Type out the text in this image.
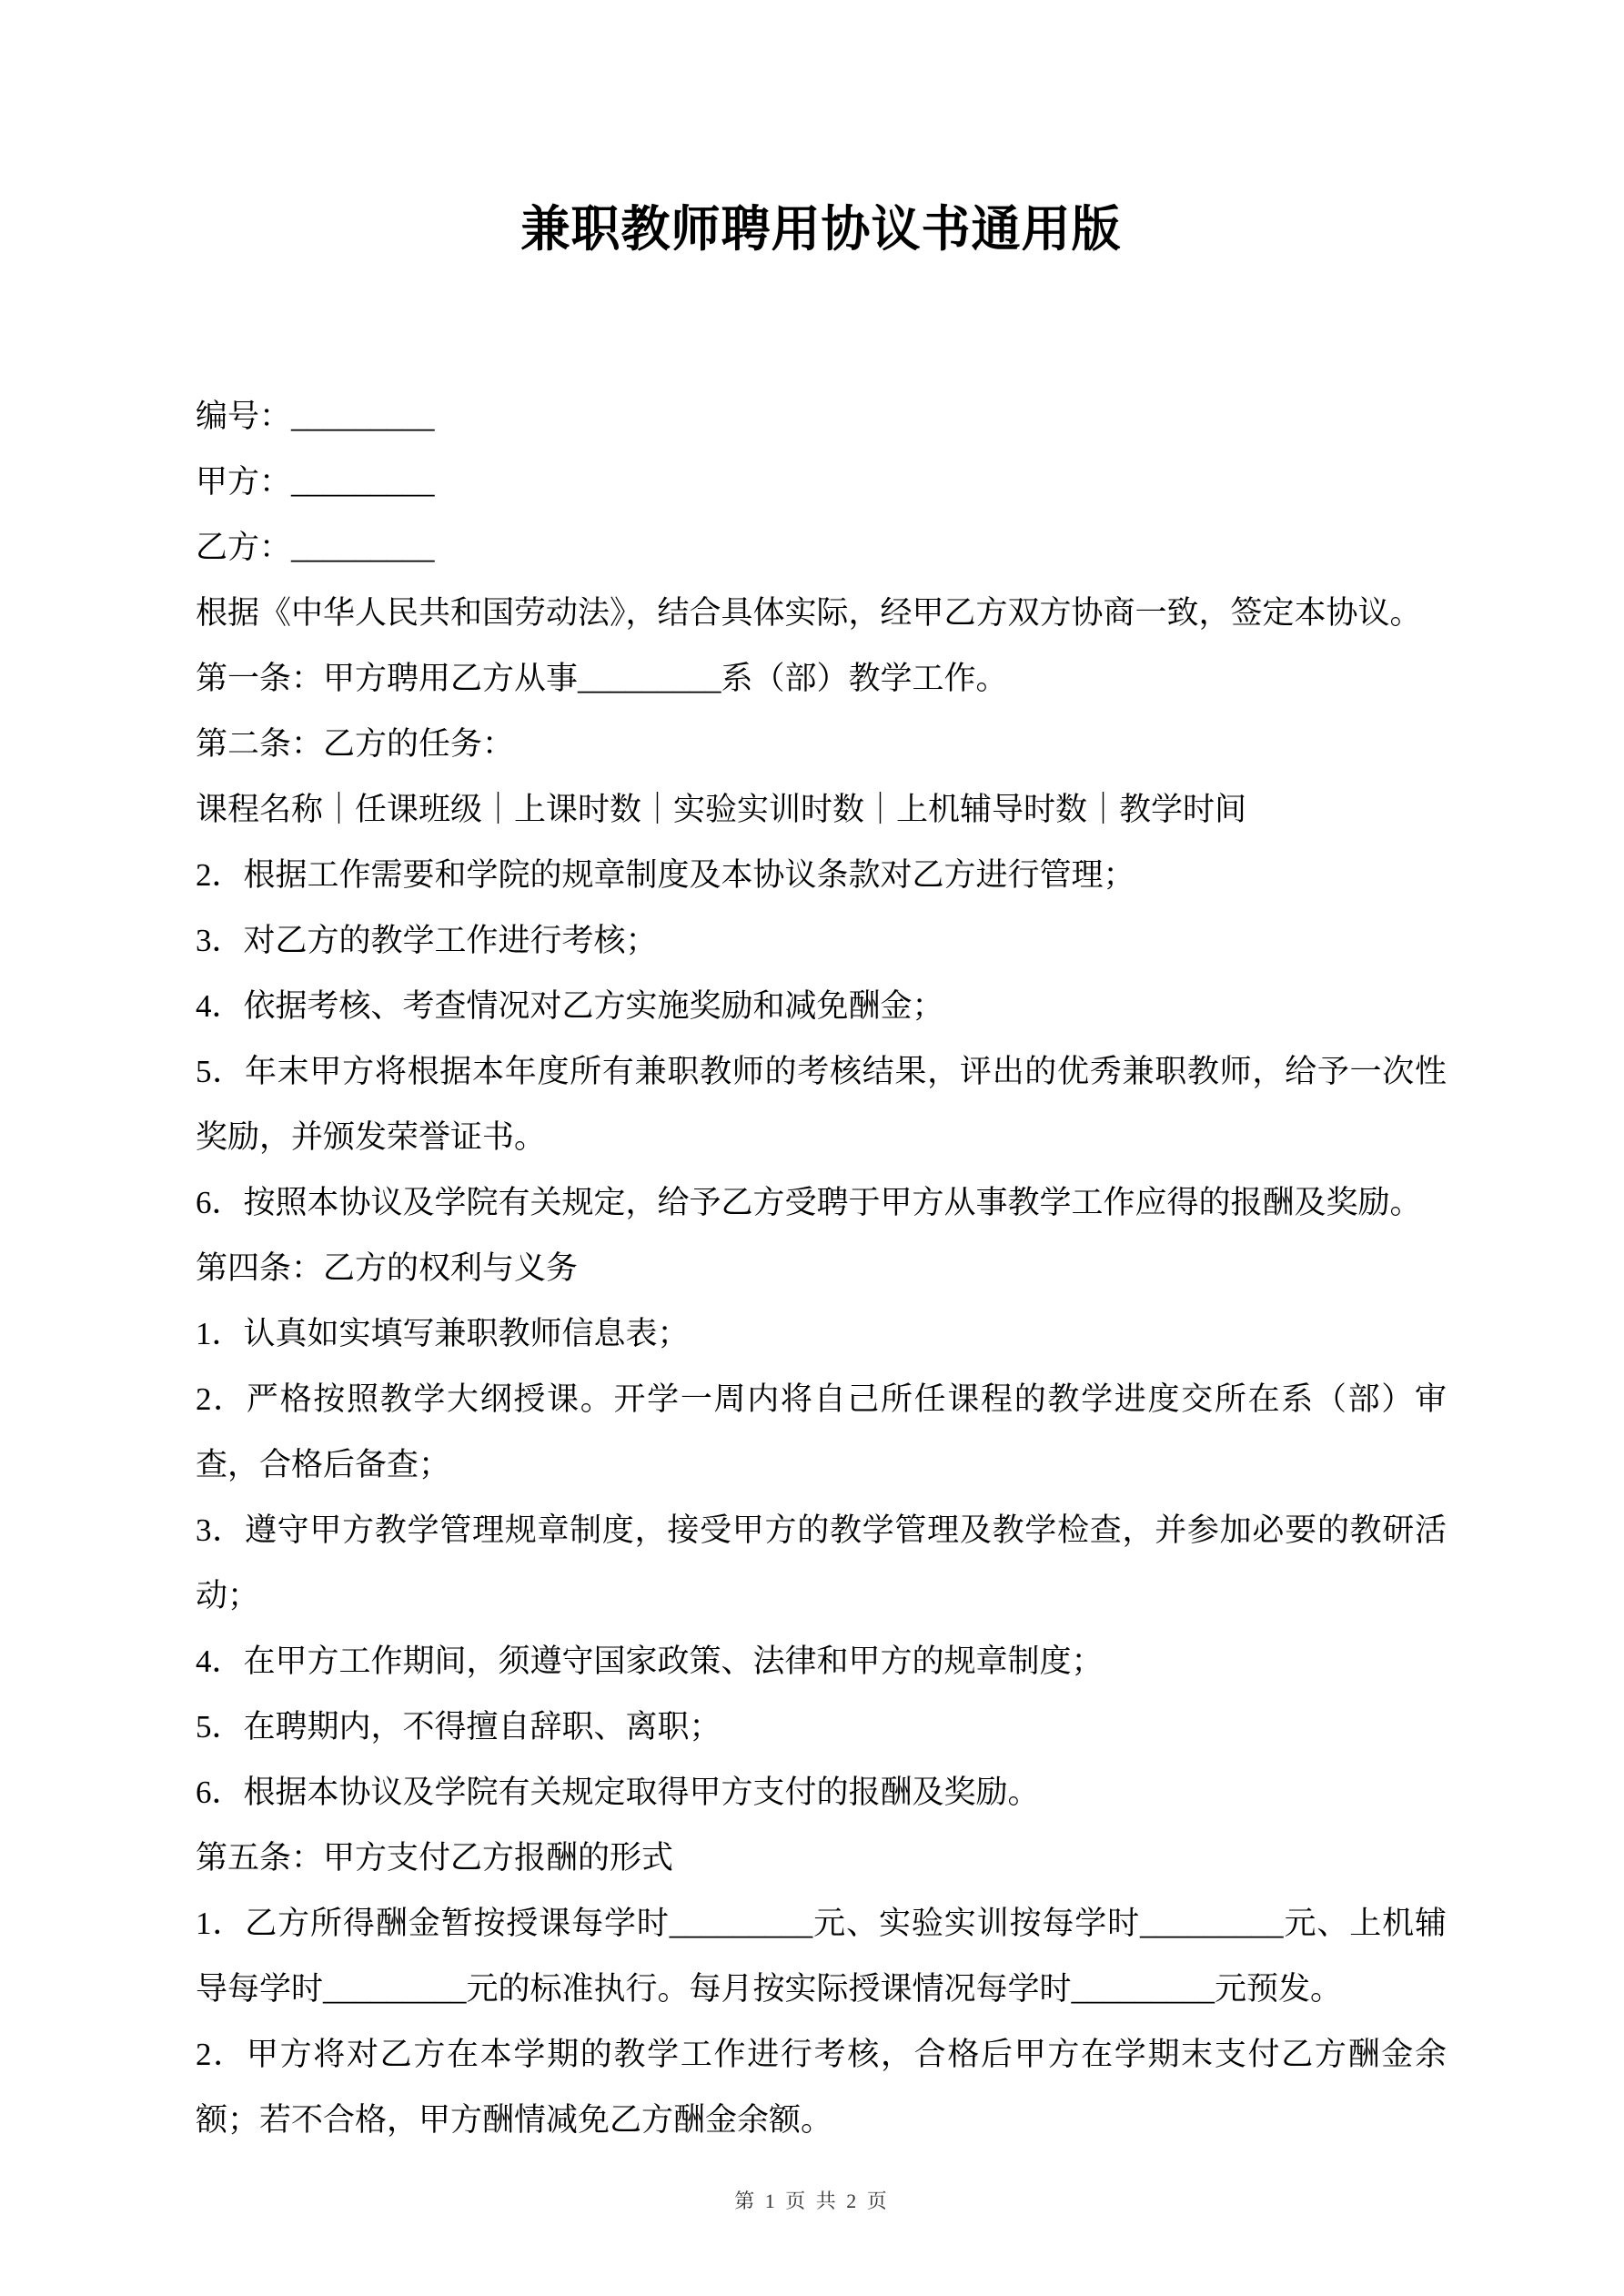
兼职教师聘用协议书通用版

编号：_________

甲方：_________

乙方：_________

根据《中华人民共和国劳动法》，结合具体实际，经甲乙方双方协商一致，签定本协议。

第一条：甲方聘用乙方从事_________系（部）教学工作。

第二条：乙方的任务：

课程名称｜任课班级｜上课时数｜实验实训时数｜上机辅导时数｜教学时间

2．根据工作需要和学院的规章制度及本协议条款对乙方进行管理；

3．对乙方的教学工作进行考核；

4．依据考核、考查情况对乙方实施奖励和减免酬金；

5．年末甲方将根据本年度所有兼职教师的考核结果，评出的优秀兼职教师，给予一次性奖励，并颁发荣誉证书。

6．按照本协议及学院有关规定，给予乙方受聘于甲方从事教学工作应得的报酬及奖励。

第四条：乙方的权利与义务

1．认真如实填写兼职教师信息表；

2．严格按照教学大纲授课。开学一周内将自己所任课程的教学进度交所在系（部）审查，合格后备查；

3．遵守甲方教学管理规章制度，接受甲方的教学管理及教学检查，并参加必要的教研活动；

4．在甲方工作期间，须遵守国家政策、法律和甲方的规章制度；

5．在聘期内，不得擅自辞职、离职；

6．根据本协议及学院有关规定取得甲方支付的报酬及奖励。

第五条：甲方支付乙方报酬的形式

1．乙方所得酬金暂按授课每学时_________元、实验实训按每学时_________元、上机辅导每学时_________元的标准执行。每月按实际授课情况每学时_________元预发。

2．甲方将对乙方在本学期的教学工作进行考核，合格后甲方在学期末支付乙方酬金余额；若不合格，甲方酬情减免乙方酬金余额。

第 1 页 共 2 页
